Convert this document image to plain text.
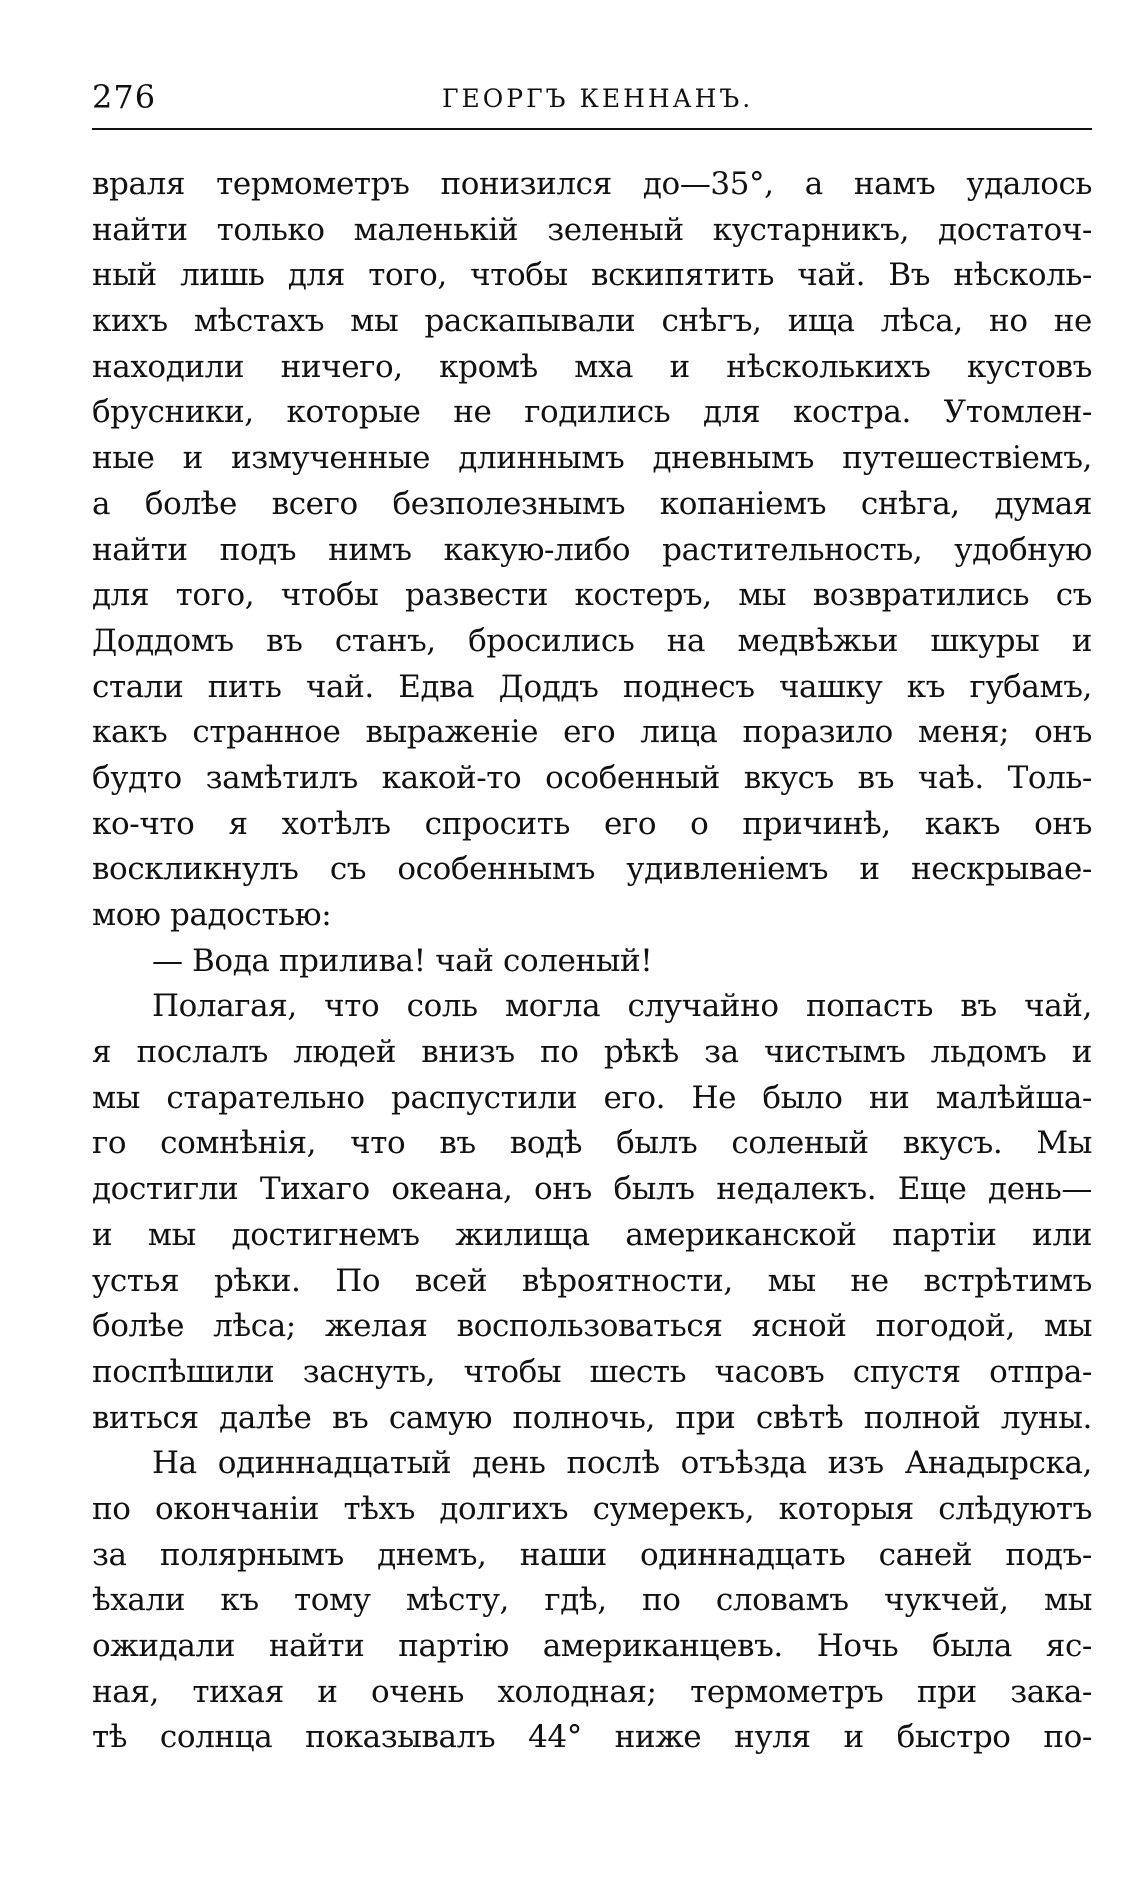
276	ГЕОРГЪ КЕННАНЪ.
враля термометръ понизился до—35°, а намъ удалось
найти только маленькій зеленый кустарникъ, достаточ-
ный лишь для того, чтобы вскипятить чай. Въ нѣсколь-
кихъ мѣстахъ мы раскапывали снѣгъ, ища лѣса, но не
находили ничего, кромѣ мха и нѣсколькихъ кустовъ
брусники, которые не годились для костра. Утомлен-
ные и измученные длиннымъ дневнымъ путешествіемъ,
а болѣе всего безполезнымъ копаніемъ снѣга, думая
найти подъ нимъ какую-либо растительность, удобную
для того, чтобы развести костеръ, мы возвратились съ
Доддомъ въ станъ, бросились на медвѣжьи шкуры и
стали пить чай. Едва Доддъ поднесъ чашку къ губамъ,
какъ странное выраженіе его лица поразило меня; онъ
будто замѣтилъ какой-то особенный вкусъ въ чаѣ. Толь-
ко-что я хотѣлъ спросить его о причинѣ, какъ онъ
воскликнулъ съ особеннымъ удивленіемъ и нескрывае-
мою радостью:
— Вода прилива! чай соленый!
Полагая, что соль могла случайно попасть въ чай,
я послалъ людей внизъ по рѣкѣ за чистымъ льдомъ и
мы старательно распустили его. Не было ни малѣйша-
го сомнѣнія, что въ водѣ былъ соленый вкусъ. Мы
достигли Тихаго океана, онъ былъ недалекъ. Еще день—
и мы достигнемъ жилища американской партіи или
устья рѣки. По всей вѣроятности, мы не встрѣтимъ
болѣе лѣса; желая воспользоваться ясной погодой, мы
поспѣшили заснуть, чтобы шесть часовъ спустя отпра-
виться далѣе въ самую полночь, при свѣтѣ полной луны.
На одиннадцатый день послѣ отъѣзда изъ Анадырска,
по окончаніи тѣхъ долгихъ сумерекъ, которыя слѣдуютъ
за полярнымъ днемъ, наши одиннадцать саней подъ-
ѣхали къ тому мѣсту, гдѣ, по словамъ чукчей, мы
ожидали найти партію американцевъ. Ночь была яс-
ная, тихая и очень холодная; термометръ при зака-
тѣ солнца показывалъ 44° ниже нуля и быстро по-
